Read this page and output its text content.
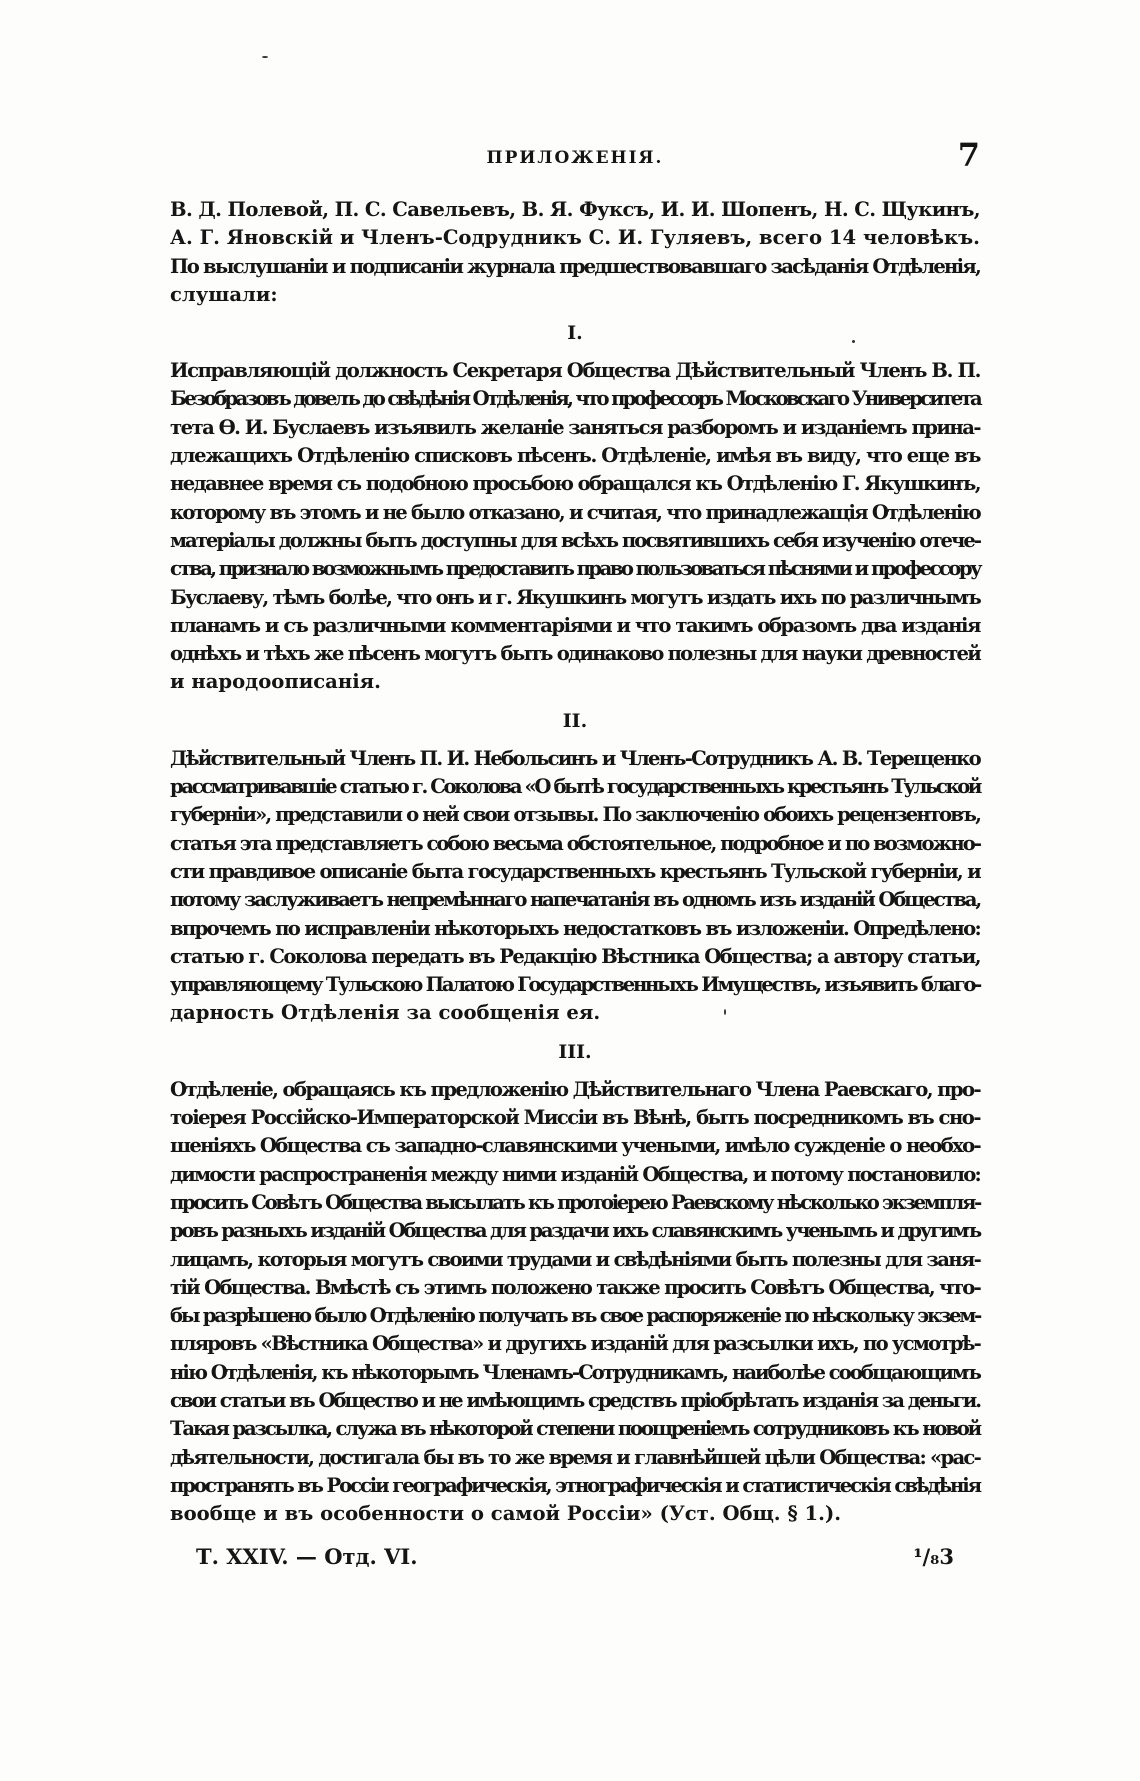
ПРИЛОЖЕНІЯ.	7
В. Д. Полевой, П. С. Савельевъ, В. Я. Фуксъ, И. И. Шопенъ, Н. С. Щукинъ,
А. Г. Яновскій и Членъ-Содрудникъ С. И. Гуляевъ, всего 14 человѣкъ.
По выслушаніи и подписаніи журнала предшествовавшаго засѣданія Отдѣленія,
слушали:
I.
Исправляющій должность Секретаря Общества Дѣйствительный Членъ В. П.
Безобразовъ довелъ до свѣдѣнія Отдѣленія, что профессоръ Московскаго Университета
тета Ѳ. И. Буслаевъ изъявилъ желаніе заняться разборомъ и изданіемъ прина-
длежащихъ Отдѣленію списковъ пѣсенъ. Отдѣленіе, имѣя въ виду, что еще въ
недавнее время съ подобною просьбою обращался къ Отдѣленію Г. Якушкинъ,
которому въ этомъ и не было отказано, и считая, что принадлежащія Отдѣленію
матеріалы должны быть доступны для всѣхъ посвятившихъ себя изученію отече-
ства, признало возможнымъ предоставить право пользоваться пѣснями и профессору
Буслаеву, тѣмъ болѣе, что онъ и г. Якушкинъ могутъ издать ихъ по различнымъ
планамъ и съ различными комментаріями и что такимъ образомъ два изданія
однѣхъ и тѣхъ же пѣсенъ могутъ быть одинаково полезны для науки древностей
и народоописанія.
II.
Дѣйствительный Членъ П. И. Небольсинъ и Членъ-Сотрудникъ А. В. Терещенко
рассматривавшіе статью г. Соколова «О бытѣ государственныхъ крестьянъ Тульской
губерніи», представили о ней свои отзывы. По заключенію обоихъ рецензентовъ,
статья эта представляетъ собою весьма обстоятельное, подробное и по возможно-
сти правдивое описаніе быта государственныхъ крестьянъ Тульской губерніи, и
потому заслуживаетъ непремѣннаго напечатанія въ одномъ изъ изданій Общества,
впрочемъ по исправленіи нѣкоторыхъ недостатковъ въ изложеніи. Опредѣлено:
статью г. Соколова передать въ Редакцію Вѣстника Общества; а автору статьи,
управляющему Тульскою Палатою Государственныхъ Имуществъ, изъявить благо-
дарность Отдѣленія за сообщенія ея.
III.
Отдѣленіе, обращаясь къ предложенію Дѣйствительнаго Члена Раевскаго, про-
тоіерея Россійско-Императорской Миссіи въ Вѣнѣ, быть посредникомъ въ сно-
шеніяхъ Общества съ западно-славянскими учеными, имѣло сужденіе о необхо-
димости распространенія между ними изданій Общества, и потому постановило:
просить Совѣтъ Общества высылать къ протоіерею Раевскому нѣсколько экземпля-
ровъ разныхъ изданій Общества для раздачи ихъ славянскимъ ученымъ и другимъ
лицамъ, которыя могутъ своими трудами и свѣдѣніями быть полезны для заня-
тій Общества. Вмѣстѣ съ этимъ положено также просить Совѣтъ Общества, что-
бы разрѣшено было Отдѣленію получать въ свое распоряженіе по нѣскольку экзем-
пляровъ «Вѣстника Общества» и другихъ изданій для разсылки ихъ, по усмотрѣ-
нію Отдѣленія, къ нѣкоторымъ Членамъ-Сотрудникамъ, наиболѣе сообщающимъ
свои статьи въ Общество и не имѣющимъ средствъ пріобрѣтать изданія за деньги.
Такая разсылка, служа въ нѣкоторой степени поощреніемъ сотрудниковъ къ новой
дѣятельности, достигала бы въ то же время и главнѣйшей цѣли Общества: «рас-
пространять въ Россіи географическія, этнографическія и статистическія свѣдѣнія
вообще и въ особенности о самой Россіи» (Уст. Общ. § 1.).
Т. XXIV. — Отд. VI.	¹/₈3
